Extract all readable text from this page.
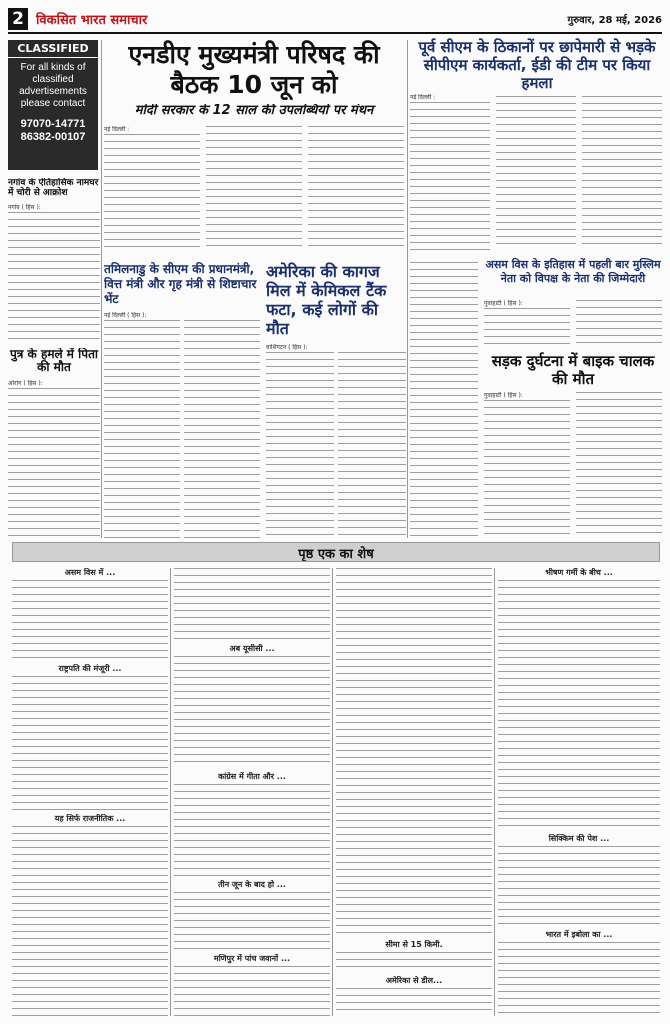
2 विकसित भारत समाचार	गुरुवार, 28 मई, 2026
CLASSIFIED
For all kinds of classified advertisements please contact
97070-14771
86382-00107
नगांव के ऐतिहासिक नामघर में चोरी से आक्रोश
नगांव ( हिस ):
पुत्र के हमले में पिता की मौत
ओरांग ( हिस ):
एनडीए मुख्यमंत्री परिषद की बैठक 10 जून को
मोदी सरकार के 12 साल की उपलब्धियों पर मंथन
नई दिल्ली :
पूर्व सीएम के ठिकानों पर छापेमारी से भड़के सीपीएम कार्यकर्ता, ईडी की टीम पर किया हमला
नई दिल्ली :
तमिलनाडु के सीएम की प्रधानमंत्री, वित्त मंत्री और गृह मंत्री से शिष्टाचार भेंट
नई दिल्ली ( हिस ):
अमेरिका की कागज मिल में केमिकल टैंक फटा, कई लोगों की मौत
वाशिंगटन ( हिस ):
असम विस के इतिहास में पहली बार मुस्लिम नेता को विपक्ष के नेता की जिम्मेदारी
गुवाहाटी ( हिस ):
सड़क दुर्घटना में बाइक चालक की मौत
गुवाहाटी ( हिस ):
पृष्ठ एक का शेष
असम विस में ...
राष्ट्रपति की मंजूरी ...
यह सिर्फ राजनीतिक ...
अब यूसीसी ...
कांग्रेस में गीता और ...
तीन जून के बाद हो ...
मणिपुर में पांच जवानों ...
सीमा से 15 किमी.
अमेरिका से डील...
भीषण गर्मी के बीच ...
सिक्किम की पेश ...
भारत में इबोला का ...
